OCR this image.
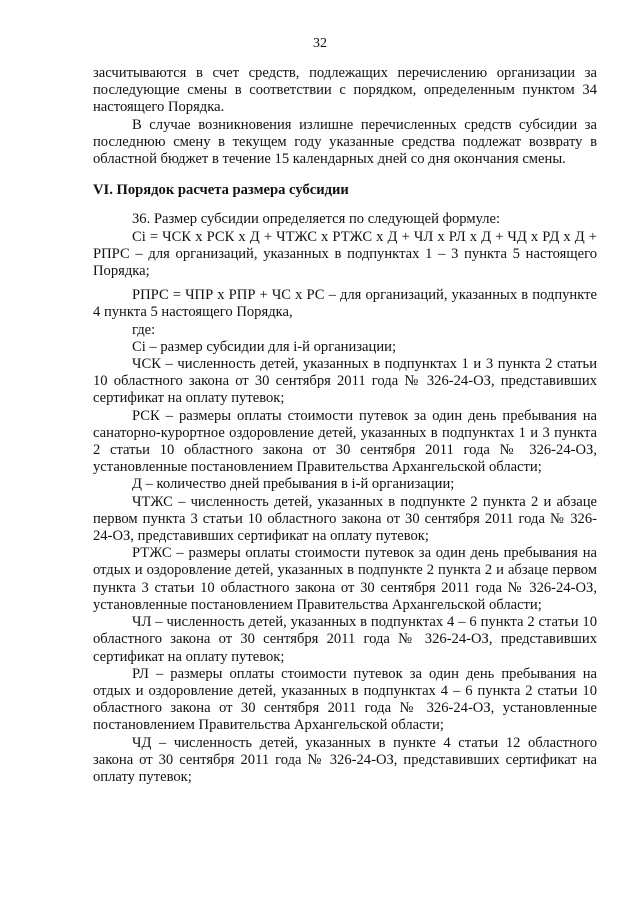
32

засчитываются в счет средств, подлежащих перечислению организации за последующие смены в соответствии с порядком, определенным пунктом 34 настоящего Порядка.

В случае возникновения излишне перечисленных средств субсидии за последнюю смену в текущем году указанные средства подлежат возврату в областной бюджет в течение 15 календарных дней со дня окончания смены.

VI. Порядок расчета размера субсидии

36. Размер субсидии определяется по следующей формуле:

Ci = ЧСК х РСК х Д + ЧТЖС х РТЖС х Д + ЧЛ х РЛ х Д + ЧД х РД х Д + РПРС – для организаций, указанных в подпунктах 1 – 3 пункта 5 настоящего Порядка;

РПРС = ЧПР х РПР + ЧС х РС – для организаций, указанных в подпункте 4 пункта 5 настоящего Порядка,

где:

Ci – размер субсидии для i-й организации;

ЧСК – численность детей, указанных в подпунктах 1 и 3 пункта 2 статьи 10 областного закона от 30 сентября 2011 года № 326-24-ОЗ, представивших сертификат на оплату путевок;

РСК – размеры оплаты стоимости путевок за один день пребывания на санаторно-курортное оздоровление детей, указанных в подпунктах 1 и 3 пункта 2 статьи 10 областного закона от 30 сентября 2011 года № 326-24-ОЗ, установленные постановлением Правительства Архангельской области;

Д – количество дней пребывания в i-й организации;

ЧТЖС – численность детей, указанных в подпункте 2 пункта 2 и абзаце первом пункта 3 статьи 10 областного закона от 30 сентября 2011 года № 326-24-ОЗ, представивших сертификат на оплату путевок;

РТЖС – размеры оплаты стоимости путевок за один день пребывания на отдых и оздоровление детей, указанных в подпункте 2 пункта 2 и абзаце первом пункта 3 статьи 10 областного закона от 30 сентября 2011 года № 326-24-ОЗ, установленные постановлением Правительства Архангельской области;

ЧЛ – численность детей, указанных в подпунктах 4 – 6 пункта 2 статьи 10 областного закона от 30 сентября 2011 года № 326-24-ОЗ, представивших сертификат на оплату путевок;

РЛ – размеры оплаты стоимости путевок за один день пребывания на отдых и оздоровление детей, указанных в подпунктах 4 – 6 пункта 2 статьи 10 областного закона от 30 сентября 2011 года № 326-24-ОЗ, установленные постановлением Правительства Архангельской области;

ЧД – численность детей, указанных в пункте 4 статьи 12 областного закона от 30 сентября 2011 года № 326-24-ОЗ, представивших сертификат на оплату путевок;
